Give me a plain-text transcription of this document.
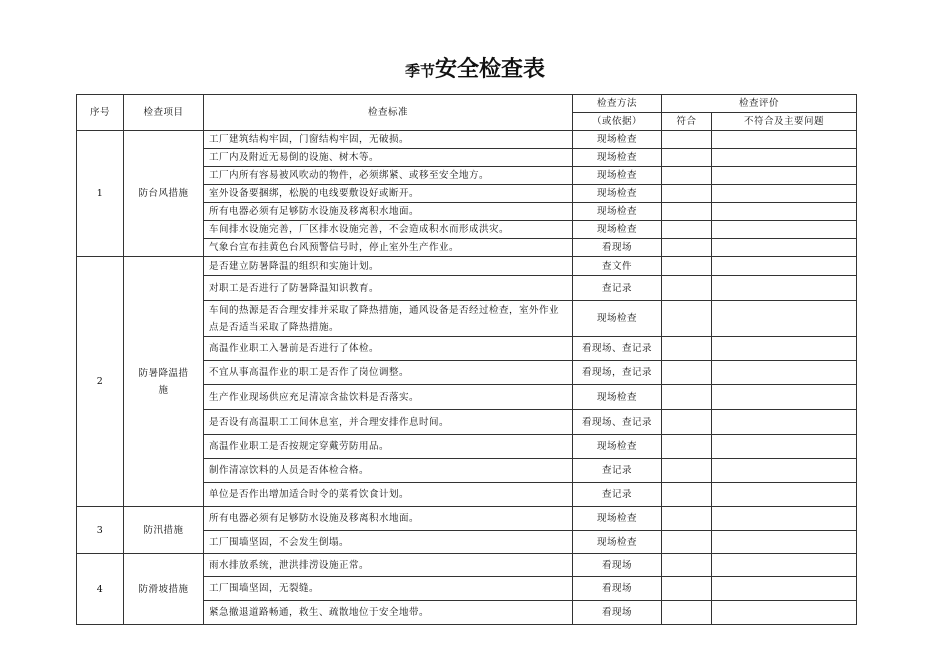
季节安全检查表
序号	检查项目	检查标准	检查方法	检查评价	
			（或依据）	符合	不符合及主要问题
1	防台风措施	工厂建筑结构牢固，门窗结构牢固，无破损。	现场检查		
		工厂内及附近无易倒的设施、树木等。	现场检查		
		工厂内所有容易被风吹动的物件，必须绑紧、或移至安全地方。	现场检查		
		室外设备要捆绑，松脱的电线要敷设好或断开。	现场检查		
		所有电器必须有足够防水设施及移离积水地面。	现场检查		
		车间排水设施完善，厂区排水设施完善，不会造成积水而形成洪灾。	现场检查		
		气象台宣布挂黄色台风预警信号时，停止室外生产作业。	看现场		
2	防暑降温措施	是否建立防暑降温的组织和实施计划。	查文件		
		对职工是否进行了防暑降温知识教育。	查记录		
		车间的热源是否合理安排并采取了降热措施，通风设备是否经过检查，室外作业点是否适当采取了降热措施。	现场检查		
		高温作业职工入暑前是否进行了体检。	看现场、查记录		
		不宜从事高温作业的职工是否作了岗位调整。	看现场，查记录		
		生产作业现场供应充足清凉含盐饮料是否落实。	现场检查		
		是否设有高温职工工间休息室，并合理安排作息时间。	看现场、查记录		
		高温作业职工是否按规定穿戴劳防用品。	现场检查		
		制作清凉饮料的人员是否体检合格。	查记录		
		单位是否作出增加适合时令的菜肴饮食计划。	查记录		
3	防汛措施	所有电器必须有足够防水设施及移离积水地面。	现场检查		
		工厂围墙坚固，不会发生倒塌。	现场检查		
4	防滑坡措施	雨水排放系统，泄洪排涝设施正常。	看现场		
		工厂围墙坚固，无裂缝。	看现场		
		紧急撤退道路畅通，救生、疏散地位于安全地带。	看现场		
